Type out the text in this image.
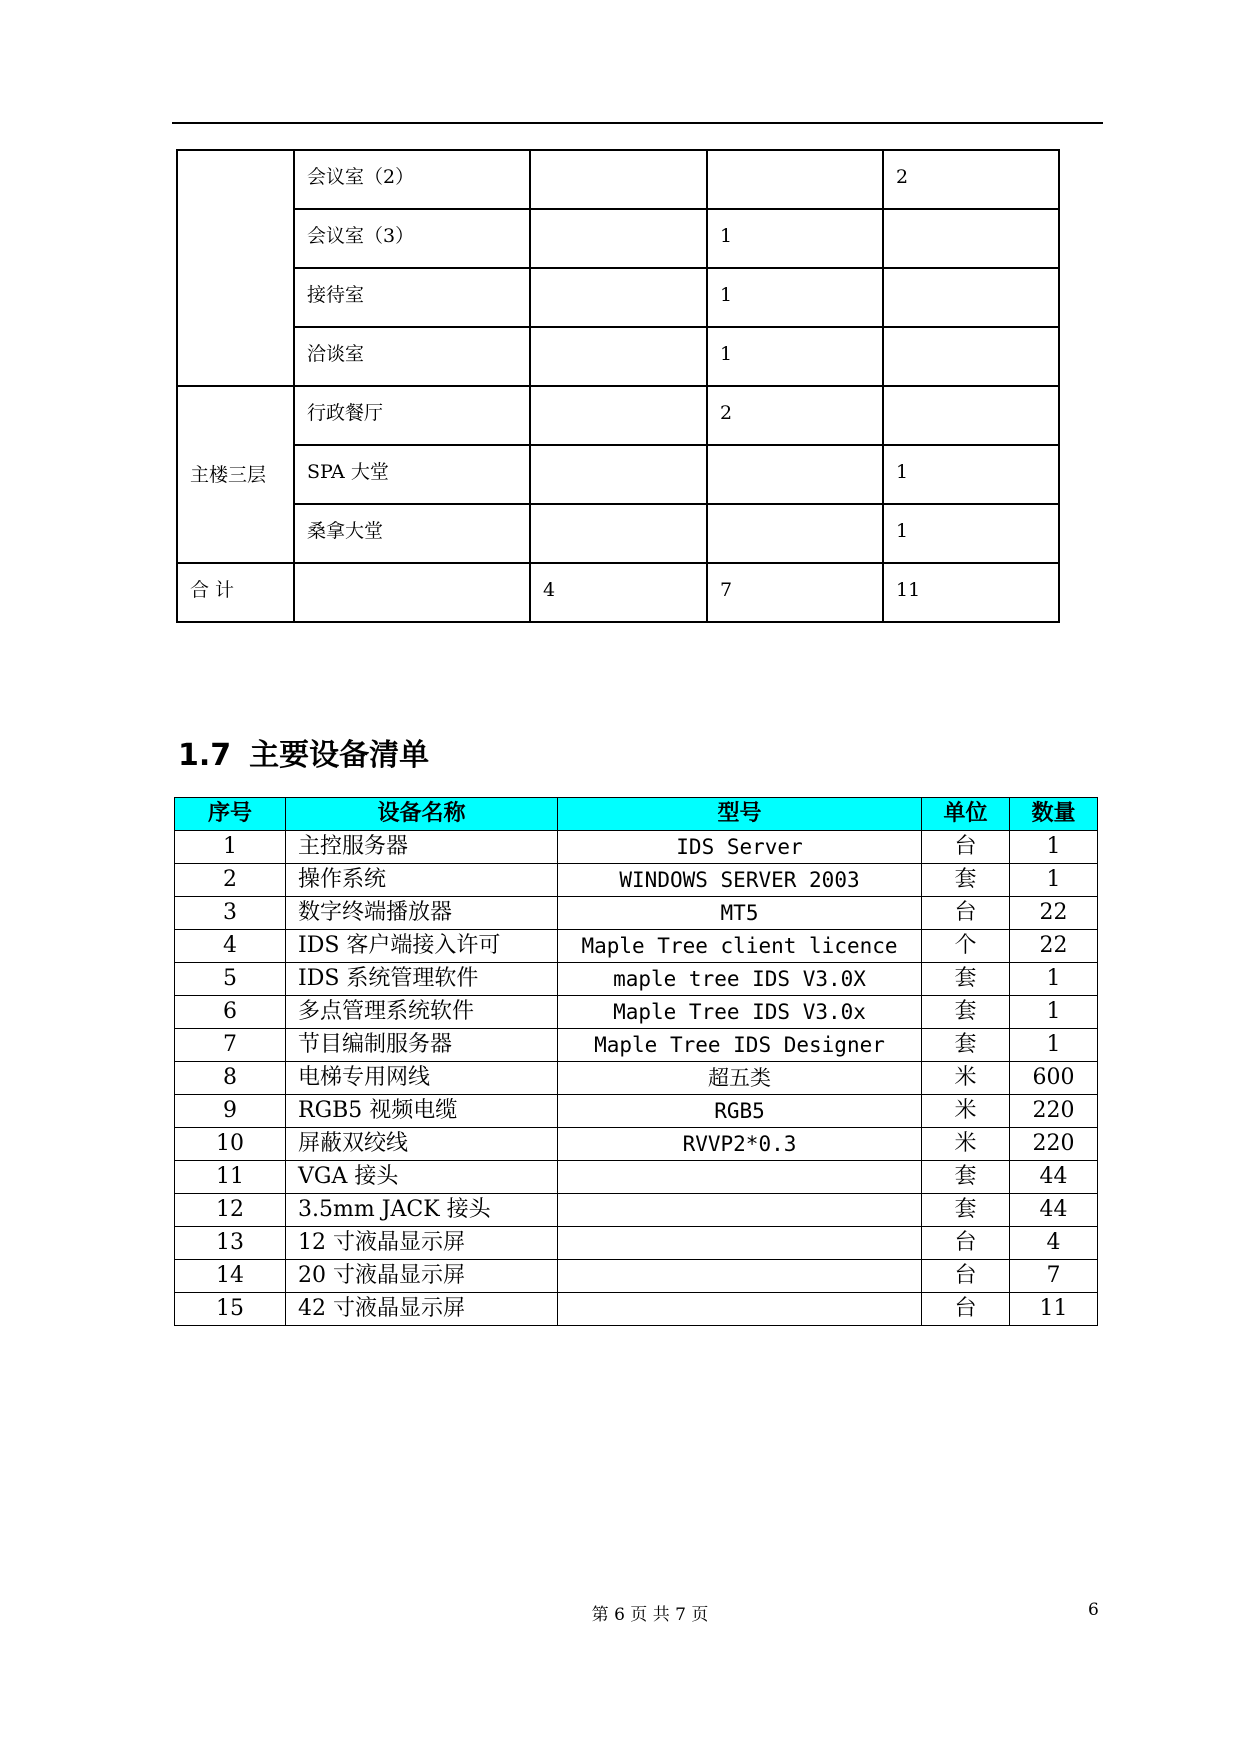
	会议室（2）			2
	会议室（3）		1	
	接待室		1	
	洽谈室		1	
主楼三层	行政餐厅		2	
	SPA 大堂			1
	桑拿大堂			1
合 计		4	7	11
1.7 主要设备清单
序号	设备名称	型号	单位	数量
1	主控服务器	IDS Server	台	1
2	操作系统	WINDOWS SERVER 2003	套	1
3	数字终端播放器	MT5	台	22
4	IDS 客户端接入许可	Maple Tree client licence	个	22
5	IDS 系统管理软件	maple tree IDS V3.0X	套	1
6	多点管理系统软件	Maple Tree IDS V3.0x	套	1
7	节目编制服务器	Maple Tree IDS Designer	套	1
8	电梯专用网线	超五类	米	600
9	RGB5 视频电缆	RGB5	米	220
10	屏蔽双绞线	RVVP2*0.3	米	220
11	VGA 接头		套	44
12	3.5mm JACK 接头		套	44
13	12 寸液晶显示屏		台	4
14	20 寸液晶显示屏		台	7
15	42 寸液晶显示屏		台	11
第 6 页 共 7 页	6
